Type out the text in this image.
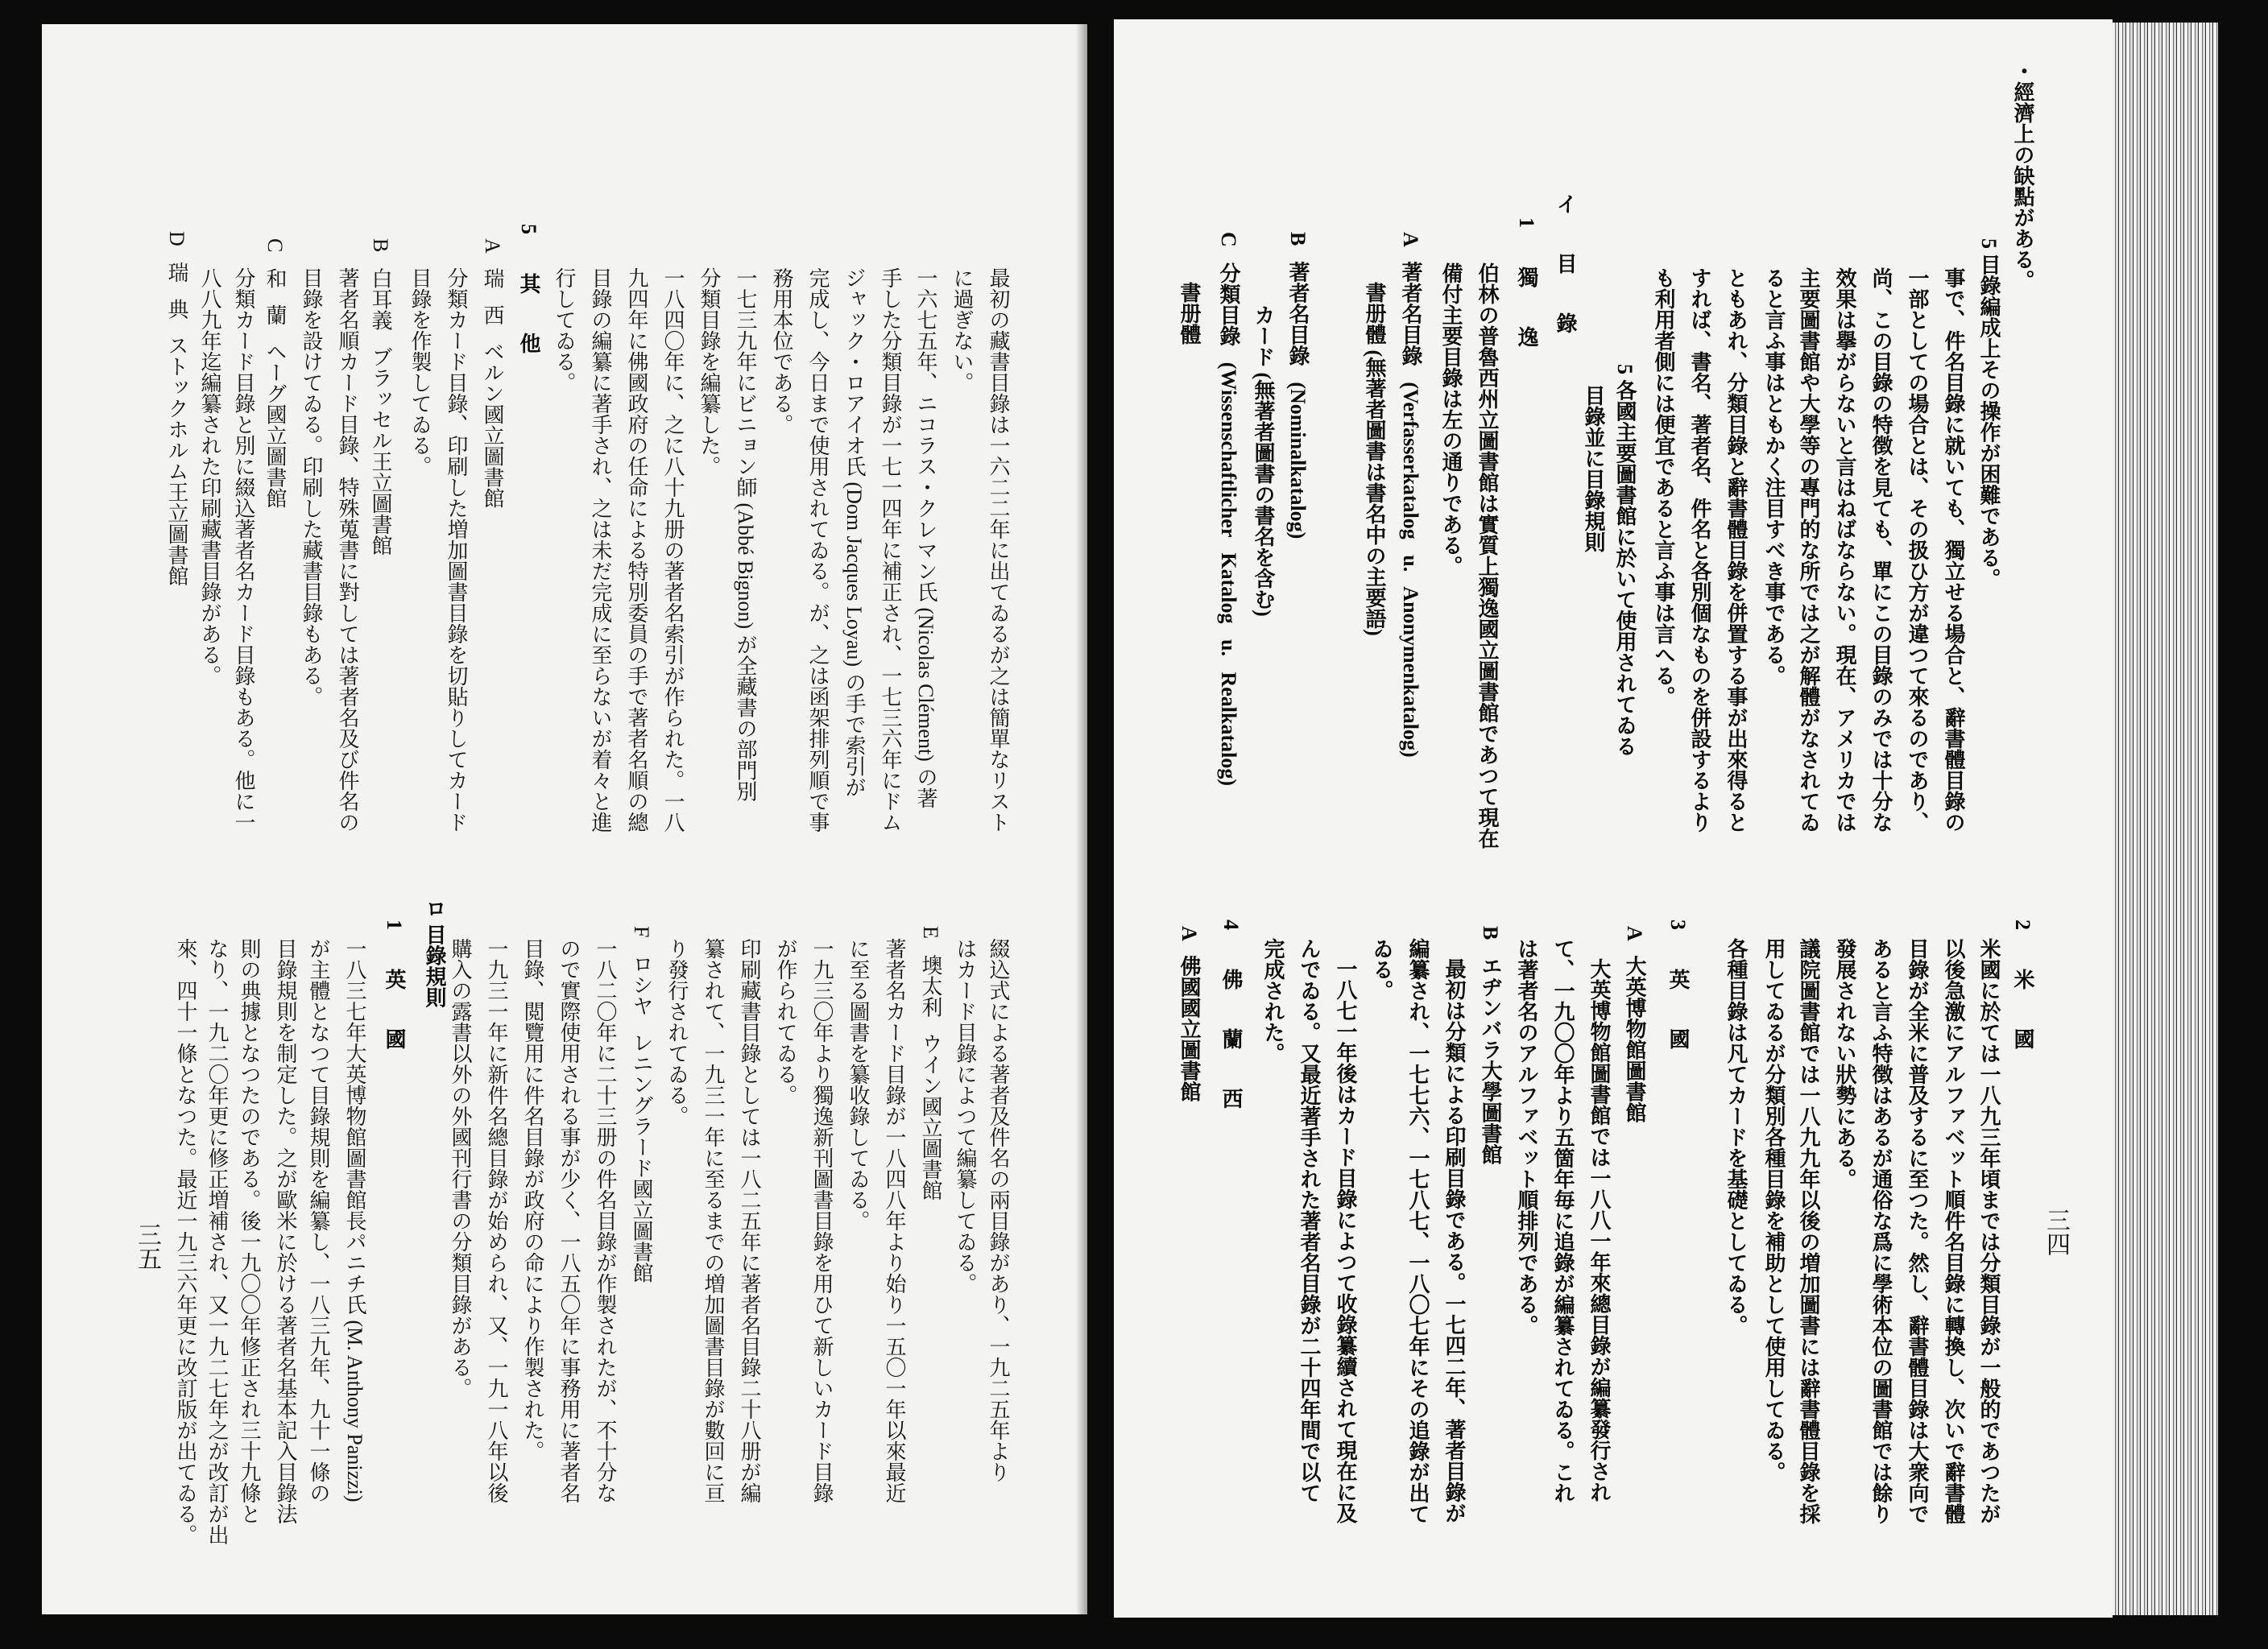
・經濟上の缺點がある。
5 目錄編成上その操作が困難である。
事で、件名目錄に就いても、獨立せる場合と、辭書體目錄の
一部としての場合とは、その扱ひ方が違つて來るのであり、
尚、この目錄の特徴を見ても、單にこの目錄のみでは十分な
效果は擧がらないと言はねばならない。現在、アメリカでは
主要圖書館や大學等の專門的な所では之が解體がなされてゐ
ると言ふ事はともかく注目すべき事である。
ともあれ、分類目錄と辭書體目錄を併置する事が出來得ると
すれば、書名、著者名、件名と各別個なものを併設するより
も利用者側には便宜であると言ふ事は言へる。
5 各國主要圖書館に於いて使用されてゐる
目錄並に目錄規則
イ 目 錄
1 獨 逸
伯林の普魯西州立圖書館は實質上獨逸國立圖書館であつて現在
備付主要目錄は左の通りである。
A 著者名目錄 (Verfasserkatalog u. Anonymenkatalog)
書册體 (無著者圖書は書名中の主要語)
B 著者名目錄 (Nominalkatalog)
カード (無著者圖書の書名を含む)
C 分類目錄 (Wissenschaftlicher Katalog u. Realkatalog)
書册體
2 米 國
米國に於ては一八九三年頃までは分類目錄が一般的であつたが
以後急激にアルファベット順件名目錄に轉換し、次いで辭書體
目錄が全米に普及するに至つた。然し、辭書體目錄は大衆向で
あると言ふ特徴はあるが通俗な爲に學術本位の圖書館では餘り
發展されない狀勢にある。
議院圖書館では一八九九年以後の増加圖書には辭書體目錄を採
用してゐるが分類別各種目錄を補助として使用してゐる。
各種目錄は凡てカードを基礎としてゐる。
3 英 國
A 大英博物館圖書館
大英博物館圖書館では一八八一年來總目錄が編纂發行され
て、一九〇〇年より五箇年毎に追錄が編纂されてゐる。これ
は著者名のアルファベット順排列である。
B エヂンバラ大學圖書館
最初は分類による印刷目錄である。一七四二年、著者目錄が
編纂され、一七七六、一七八七、一八〇七年にその追錄が出て
ゐる。
一八七一年後はカード目錄によつて收錄纂續されて現在に及
んでゐる。又最近著手された著者名目錄が二十四年間で以て
完成された。
4 佛 蘭 西
A 佛國國立圖書館
三四
最初の藏書目錄は一六二二年に出てゐるが之は簡單なリスト
に過ぎない。
一六七五年、ニコラス・クレマン氏 (Nicolas Clément) の著
手した分類目錄が一七一四年に補正され、一七三六年にドム
ジャック・ロアイオ氏 (Dom Jacques Loyau) の手で索引が
完成し、今日まで使用されてゐる。が、之は函架排列順で事
務用本位である。
一七三九年にビニョン師 (Abbé Bignon) が全藏書の部門別
分類目錄を編纂した。
一八四〇年に、之に八十九册の著者名索引が作られた。一八
九四年に佛國政府の任命による特別委員の手で著者名順の總
目錄の編纂に著手され、之は未だ完成に至らないが着々と進
行してゐる。
5 其 他
A 瑞 西 ベルン國立圖書館
分類カード目錄、印刷した増加圖書目錄を切貼りしてカード
目錄を作製してゐる。
B 白耳義 ブラッセル王立圖書館
著者名順カード目錄、特殊蒐書に對しては著者名及び件名の
目錄を設けてゐる。印刷した藏書目錄もある。
C 和 蘭 ヘーグ國立圖書館
分類カード目錄と別に綴込著者名カード目錄もある。他に一
八八九年迄編纂された印刷藏書目錄がある。
D 瑞 典 ストックホルム王立圖書館
綴込式による著者及件名の兩目錄があり、一九二五年より
はカード目錄によつて編纂してゐる。
E 墺太利 ウイン國立圖書館
著者名カード目錄が一八四八年より始り一五〇一年以來最近
に至る圖書を纂收錄してゐる。
一九三〇年より獨逸新刊圖書目錄を用ひて新しいカード目錄
が作られてゐる。
印刷藏書目錄としては一八二五年に著者名目錄二十八册が編
纂されて、一九三一年に至るまでの増加圖書目錄が數回に亘
り發行されてゐる。
F ロシヤ レニングラード國立圖書館
一八二〇年に二十三册の件名目錄が作製されたが、不十分な
ので實際使用される事が少く、一八五〇年に事務用に著者名
目錄、閲覽用に件名目錄が政府の命により作製された。
一九三一年に新件名總目錄が始められ、又、一九一八年以後
購入の露書以外の外國刊行書の分類目錄がある。
ロ 目錄規則
1 英 國
一八三七年大英博物館圖書館長パニチ氏 (M. Anthony Panizzi)
が主體となつて目錄規則を編纂し、一八三九年、九十一條の
目錄規則を制定した。之が歐米に於ける著者名基本記入目錄法
則の典據となつたのである。後一九〇〇年修正され三十九條と
なり、一九二〇年更に修正増補され、又一九二七年之が改訂が出
來、四十一條となつた。最近一九三六年更に改訂版が出てゐる。
三五
